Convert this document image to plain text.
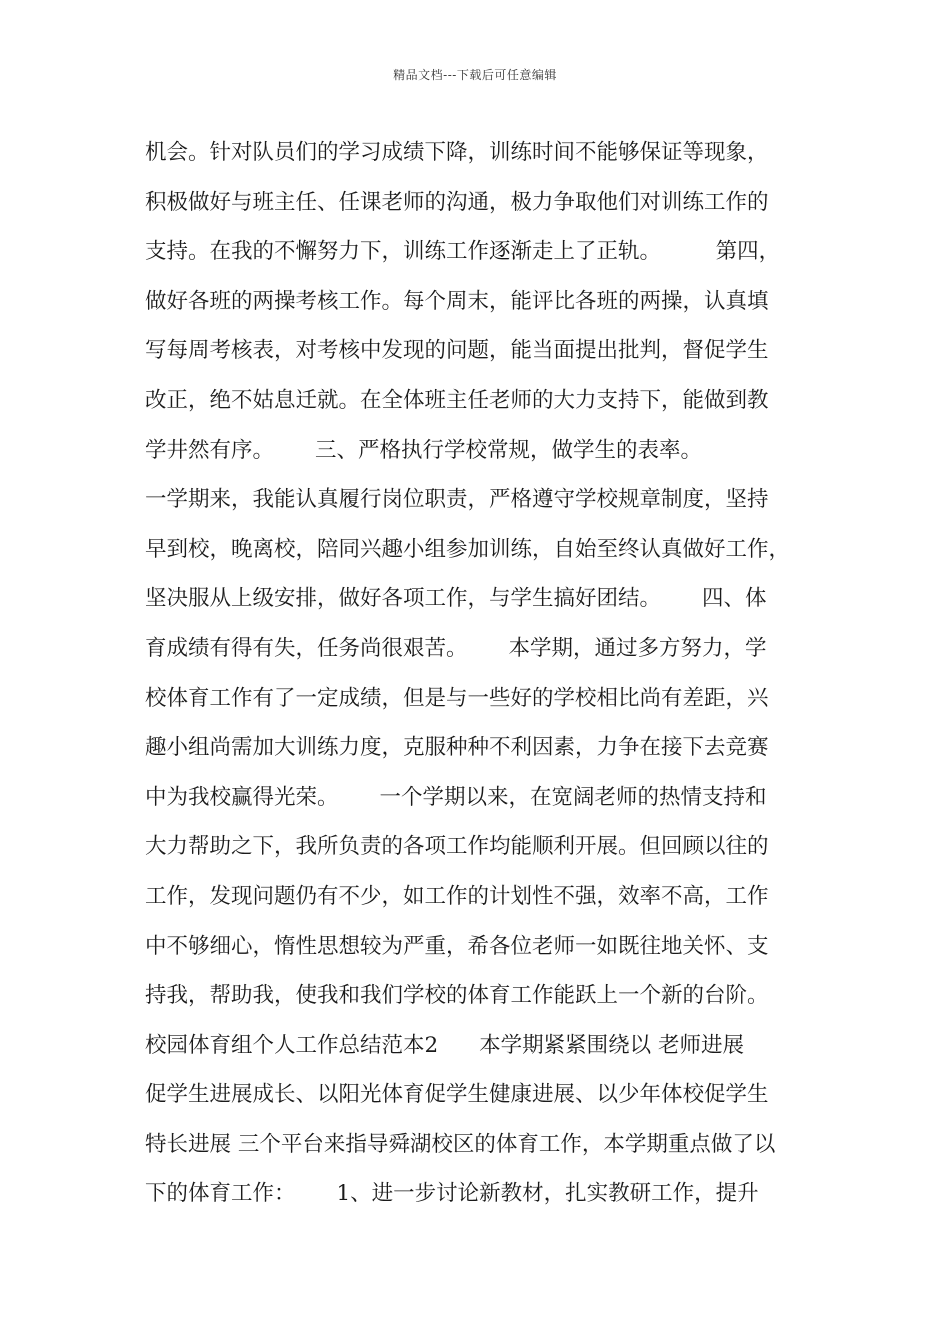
精品文档---下载后可任意编辑
机会。针对队员们的学习成绩下降，训练时间不能够保证等现象，
积极做好与班主任、任课老师的沟通，极力争取他们对训练工作的
支持。在我的不懈努力下，训练工作逐渐走上了正轨。        第四，
做好各班的两操考核工作。每个周末，能评比各班的两操，认真填
写每周考核表，对考核中发现的问题，能当面提出批判，督促学生
改正，绝不姑息迁就。在全体班主任老师的大力支持下，能做到教
学井然有序。      三、严格执行学校常规，做学生的表率。
一学期来，我能认真履行岗位职责，严格遵守学校规章制度，坚持
早到校，晚离校，陪同兴趣小组参加训练，自始至终认真做好工作，
坚决服从上级安排，做好各项工作，与学生搞好团结。      四、体
育成绩有得有失，任务尚很艰苦。      本学期，通过多方努力，学
校体育工作有了一定成绩，但是与一些好的学校相比尚有差距，兴
趣小组尚需加大训练力度，克服种种不利因素，力争在接下去竞赛
中为我校赢得光荣。      一个学期以来，在宽阔老师的热情支持和
大力帮助之下，我所负责的各项工作均能顺利开展。但回顾以往的
工作，发现问题仍有不少，如工作的计划性不强，效率不高，工作
中不够细心，惰性思想较为严重，希各位老师一如既往地关怀、支
持我，帮助我，使我和我们学校的体育工作能跃上一个新的台阶。
校园体育组个人工作总结范本2      本学期紧紧围绕以 老师进展
促学生进展成长、以阳光体育促学生健康进展、以少年体校促学生
特长进展 三个平台来指导舜湖校区的体育工作，本学期重点做了以
下的体育工作：      1、进一步讨论新教材，扎实教研工作，提升
